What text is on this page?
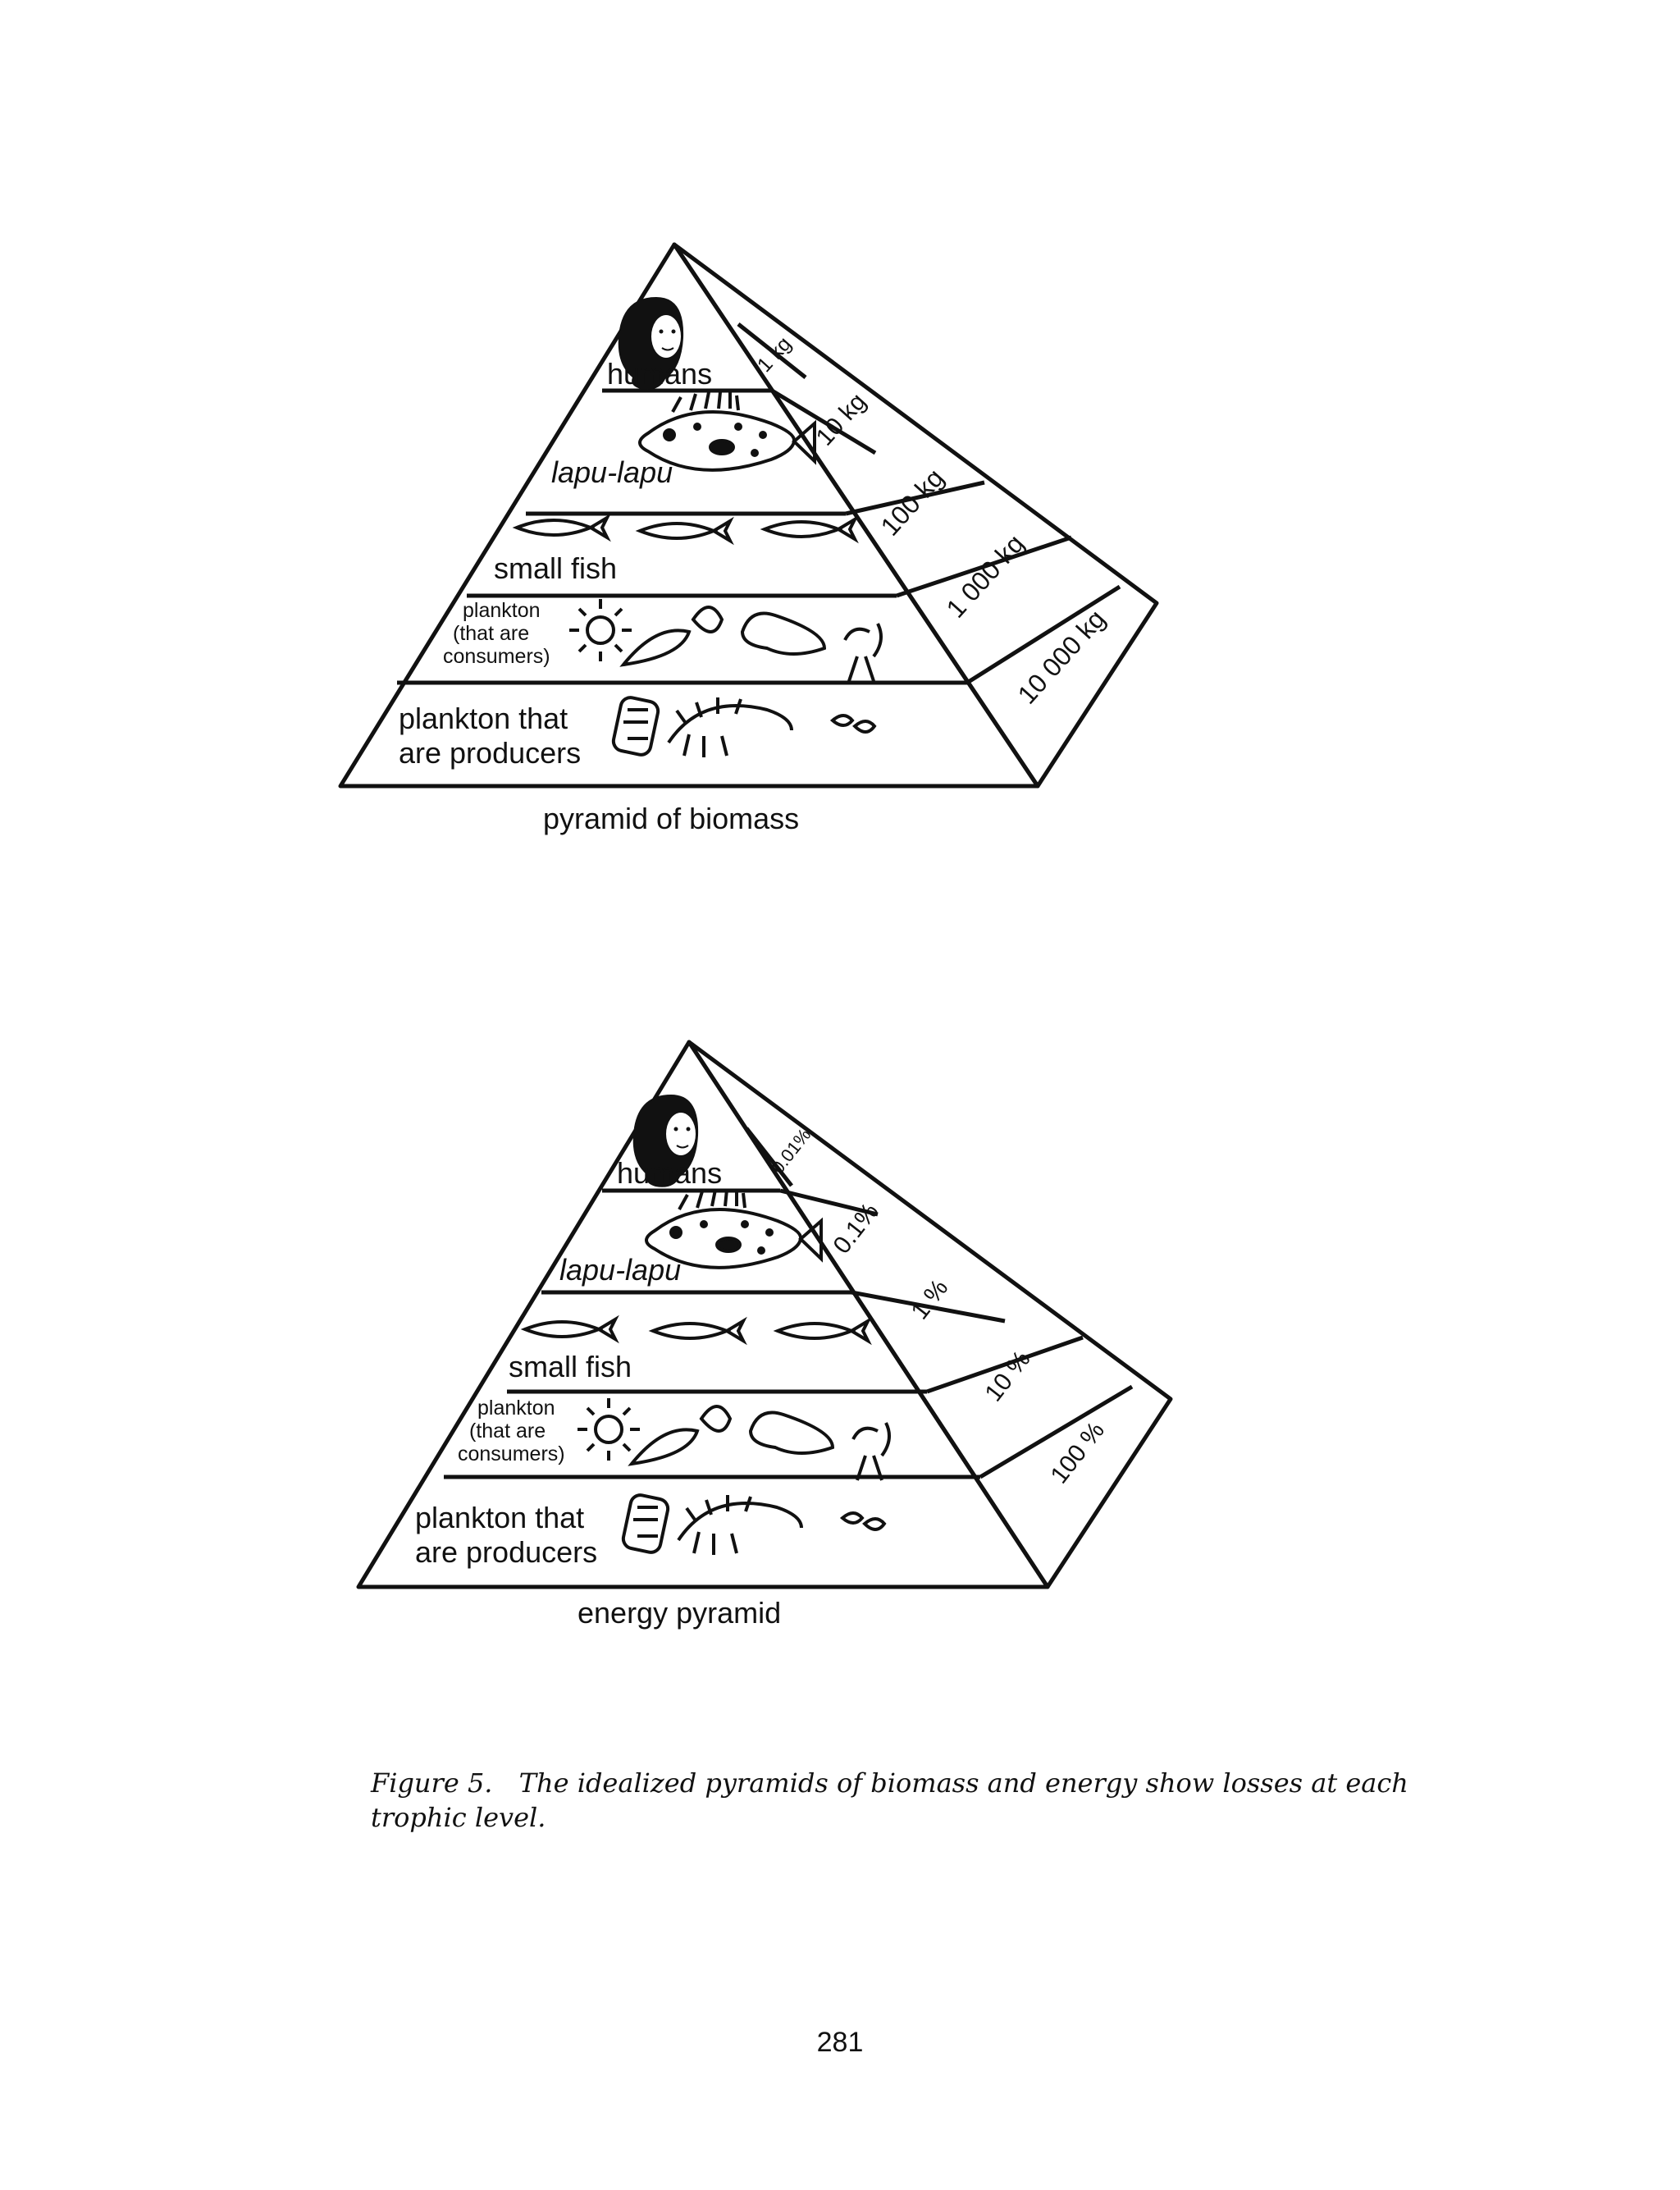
humans
lapu-lapu
small fish
plankton (that are consumers)
plankton that are producers
1 kg
10 kg
100 kg
1 000 kg
10 000 kg
pyramid of biomass
humans
lapu-lapu
small fish
plankton (that are consumers)
plankton that are producers
0.01%
0.1%
1 %
10 %
100 %
energy pyramid
Figure 5. The idealized pyramids of biomass and energy show losses at each trophic level.
281
